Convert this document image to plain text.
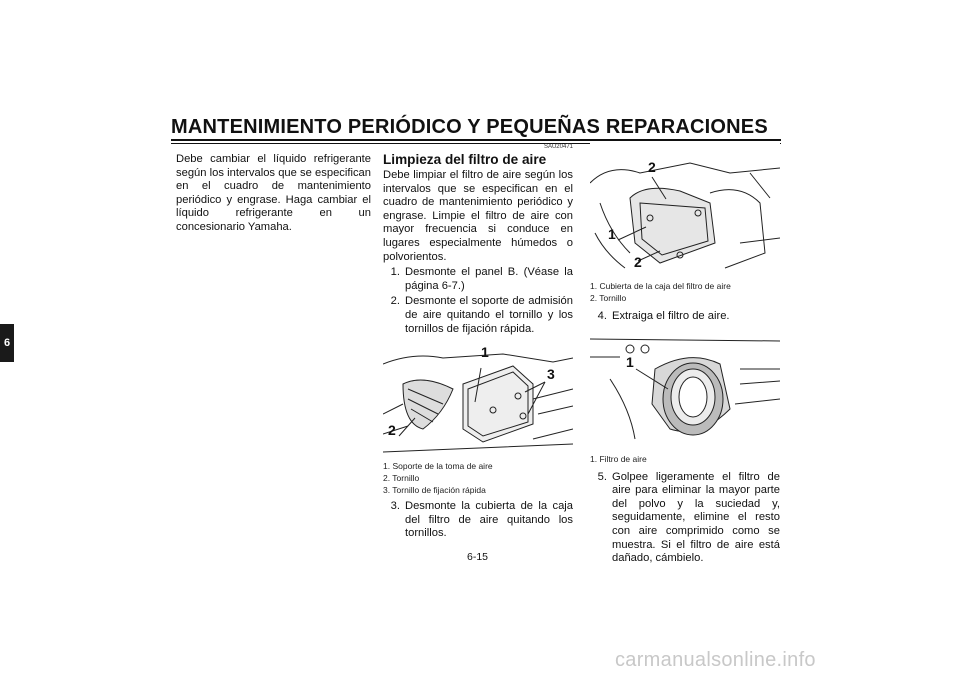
MANTENIMIENTO PERIÓDICO Y PEQUEÑAS REPARACIONES
6

Debe cambiar el líquido refrigerante según los intervalos que se especifican en el cuadro de mantenimiento periódico y engrase. Haga cambiar el líquido refrigerante en un concesionario Yamaha.

SAU20471
Limpieza del filtro de aire

Debe limpiar el filtro de aire según los intervalos que se especifican en el cuadro de mantenimiento periódico y engrase. Limpie el filtro de aire con mayor frecuencia si conduce en lugares especialmente húmedos o polvorientos.

1. Desmonte el panel B. (Véase la página 6-7.)
2. Desmonte el soporte de admisión de aire quitando el tornillo y los tornillos de fijación rápida.
1
3
2
1. Soporte de la toma de aire
2. Tornillo
3. Tornillo de fijación rápida
3. Desmonte la cubierta de la caja del filtro de aire quitando los tornillos.
2
1
2
1. Cubierta de la caja del filtro de aire
2. Tornillo
4. Extraiga el filtro de aire.
1
1. Filtro de aire
5. Golpee ligeramente el filtro de aire para eliminar la mayor parte del polvo y la suciedad y, seguidamente, elimine el resto con aire comprimido como se muestra. Si el filtro de aire está dañado, cámbielo.
6-15
carmanualsonline.info
